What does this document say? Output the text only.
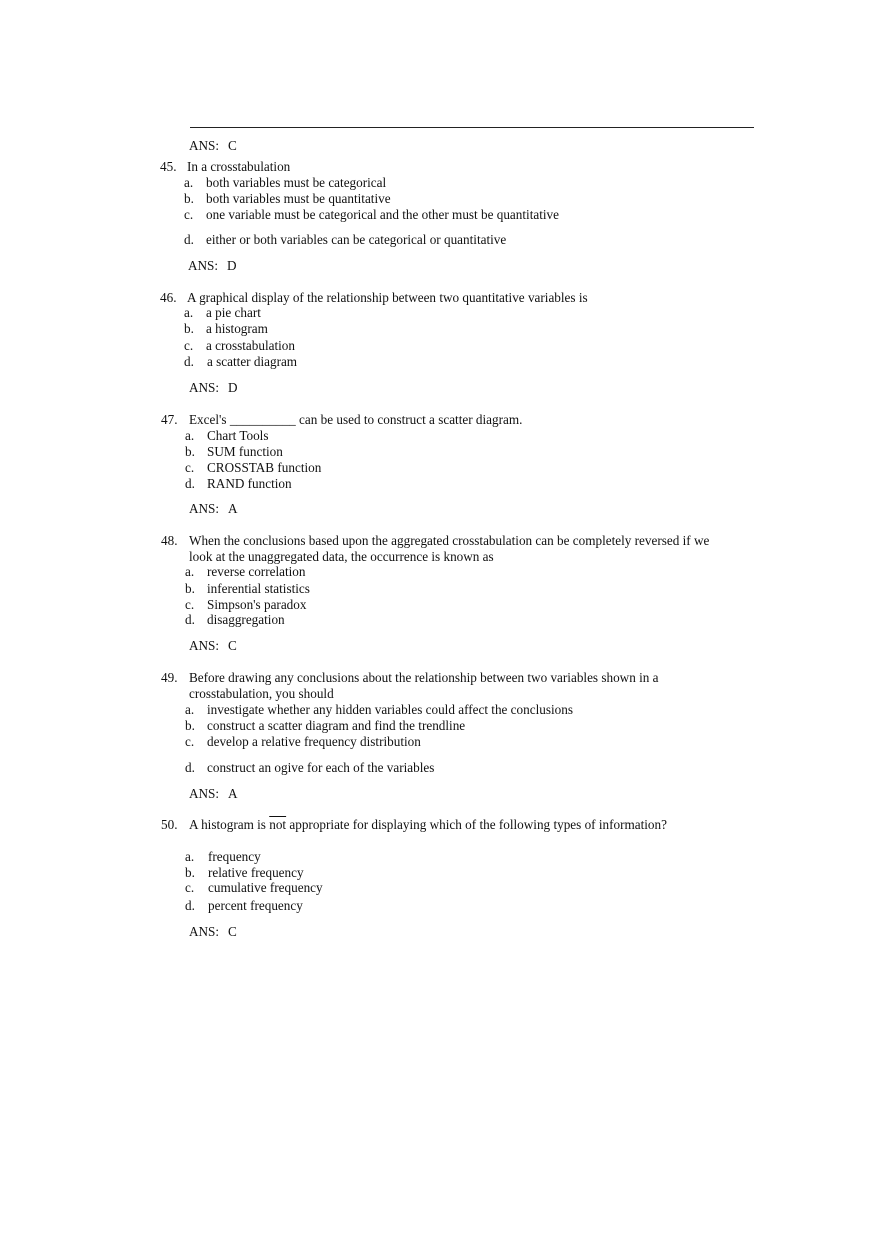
ANS: C
45. In a crosstabulation
a. both variables must be categorical
b. both variables must be quantitative
c. one variable must be categorical and the other must be quantitative
d. either or both variables can be categorical or quantitative
ANS: D
46. A graphical display of the relationship between two quantitative variables is
a. a pie chart
b. a histogram
c. a crosstabulation
d. a scatter diagram
ANS: D
47. Excel's __________ can be used to construct a scatter diagram.
a. Chart Tools
b. SUM function
c. CROSSTAB function
d. RAND function
ANS: A
48. When the conclusions based upon the aggregated crosstabulation can be completely reversed if we
look at the unaggregated data, the occurrence is known as
a. reverse correlation
b. inferential statistics
c. Simpson's paradox
d. disaggregation
ANS: C
49. Before drawing any conclusions about the relationship between two variables shown in a
crosstabulation, you should
a. investigate whether any hidden variables could affect the conclusions
b. construct a scatter diagram and find the trendline
c. develop a relative frequency distribution
d. construct an ogive for each of the variables
ANS: A
50. A histogram is $\overline{not}$ appropriate for displaying which of the following types of information?
a. frequency
b. relative frequency
c. cumulative frequency
d. percent frequency
ANS: C
